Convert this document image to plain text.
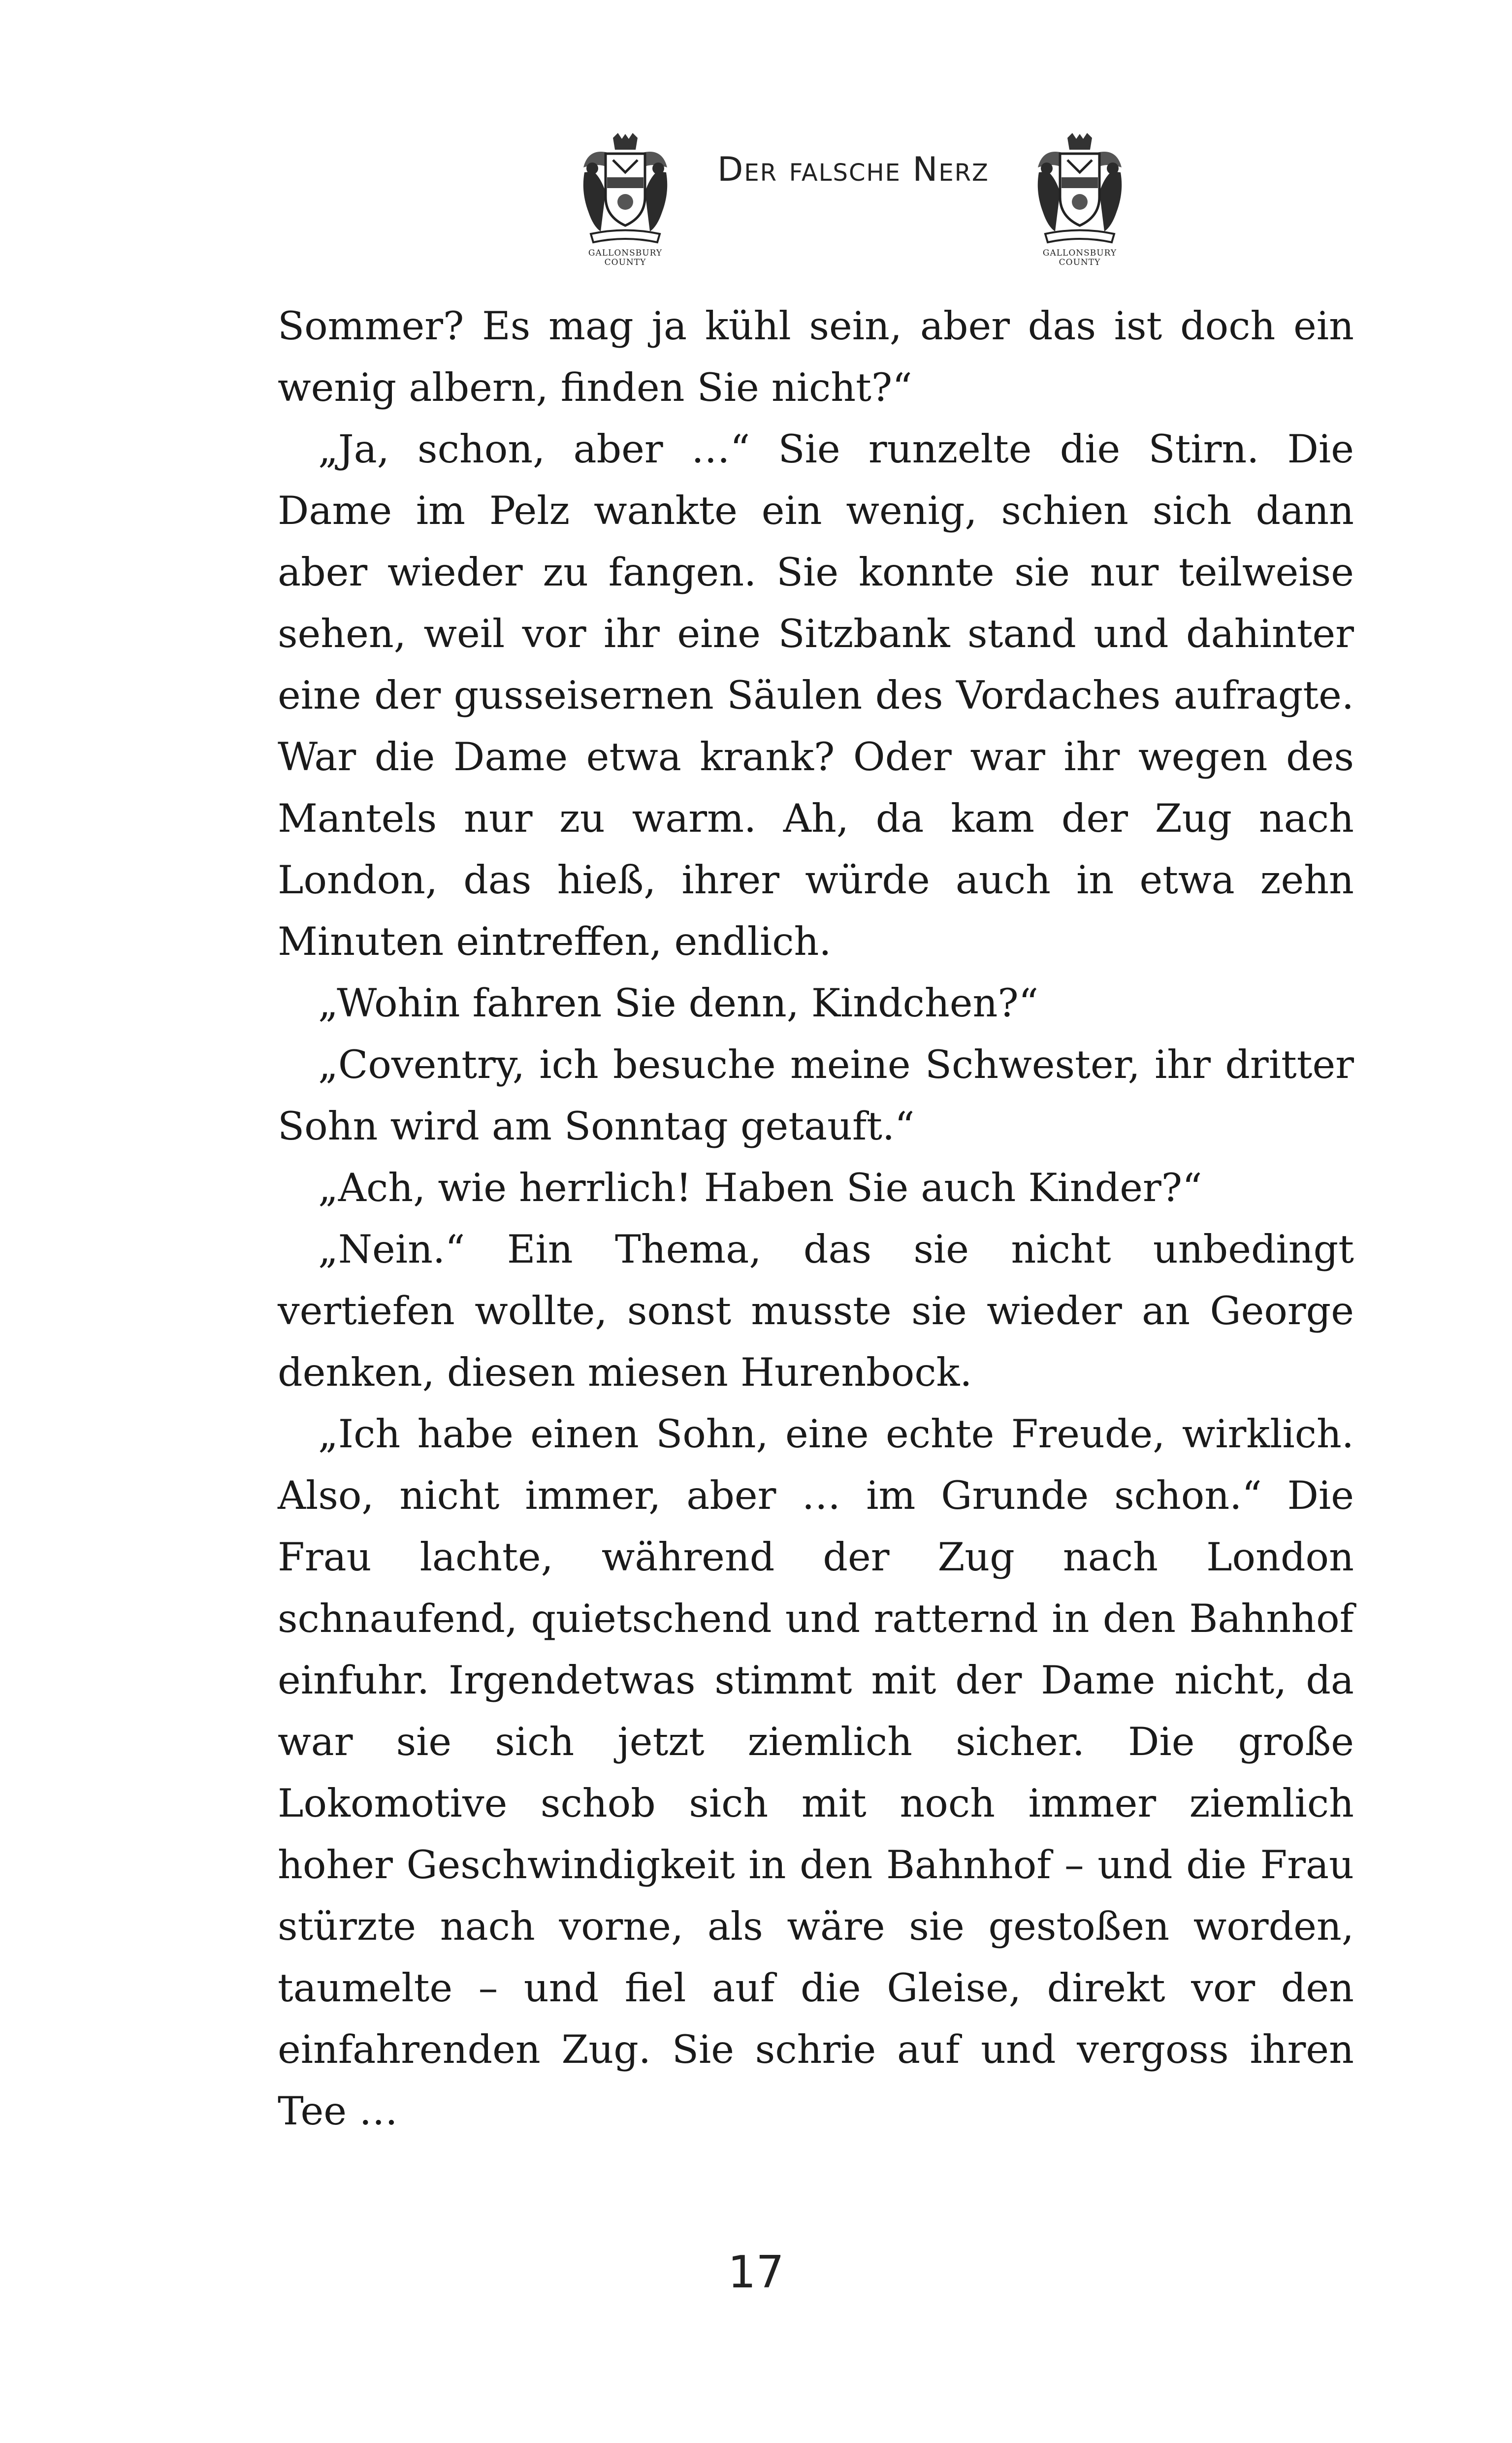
GALLONSBURY
COUNTY
Der falsche Nerz
GALLONSBURY
COUNTY

Sommer? Es mag ja kühl sein, aber das ist doch ein wenig albern, finden Sie nicht?“

„Ja, schon, aber …“ Sie runzelte die Stirn. Die Dame im Pelz wankte ein wenig, schien sich dann aber wieder zu fangen. Sie konnte sie nur teilweise sehen, weil vor ihr eine Sitzbank stand und dahinter eine der gusseisernen Säulen des Vordaches aufragte. War die Dame etwa krank? Oder war ihr wegen des Mantels nur zu warm. Ah, da kam der Zug nach London, das hieß, ihrer würde auch in etwa zehn Minuten eintreffen, endlich.

„Wohin fahren Sie denn, Kindchen?“

„Coventry, ich besuche meine Schwester, ihr dritter Sohn wird am Sonntag getauft.“

„Ach, wie herrlich! Haben Sie auch Kinder?“

„Nein.“ Ein Thema, das sie nicht unbedingt vertiefen wollte, sonst musste sie wieder an George denken, diesen miesen Hurenbock.

„Ich habe einen Sohn, eine echte Freude, wirklich. Also, nicht immer, aber … im Grunde schon.“ Die Frau lachte, während der Zug nach London schnaufend, quietschend und ratternd in den Bahnhof einfuhr. Irgendetwas stimmt mit der Dame nicht, da war sie sich jetzt ziemlich sicher. Die große Lokomotive schob sich mit noch immer ziemlich hoher Geschwindigkeit in den Bahnhof – und die Frau stürzte nach vorne, als wäre sie gestoßen worden, taumelte – und fiel auf die Gleise, direkt vor den einfahrenden Zug. Sie schrie auf und vergoss ihren Tee …

17
